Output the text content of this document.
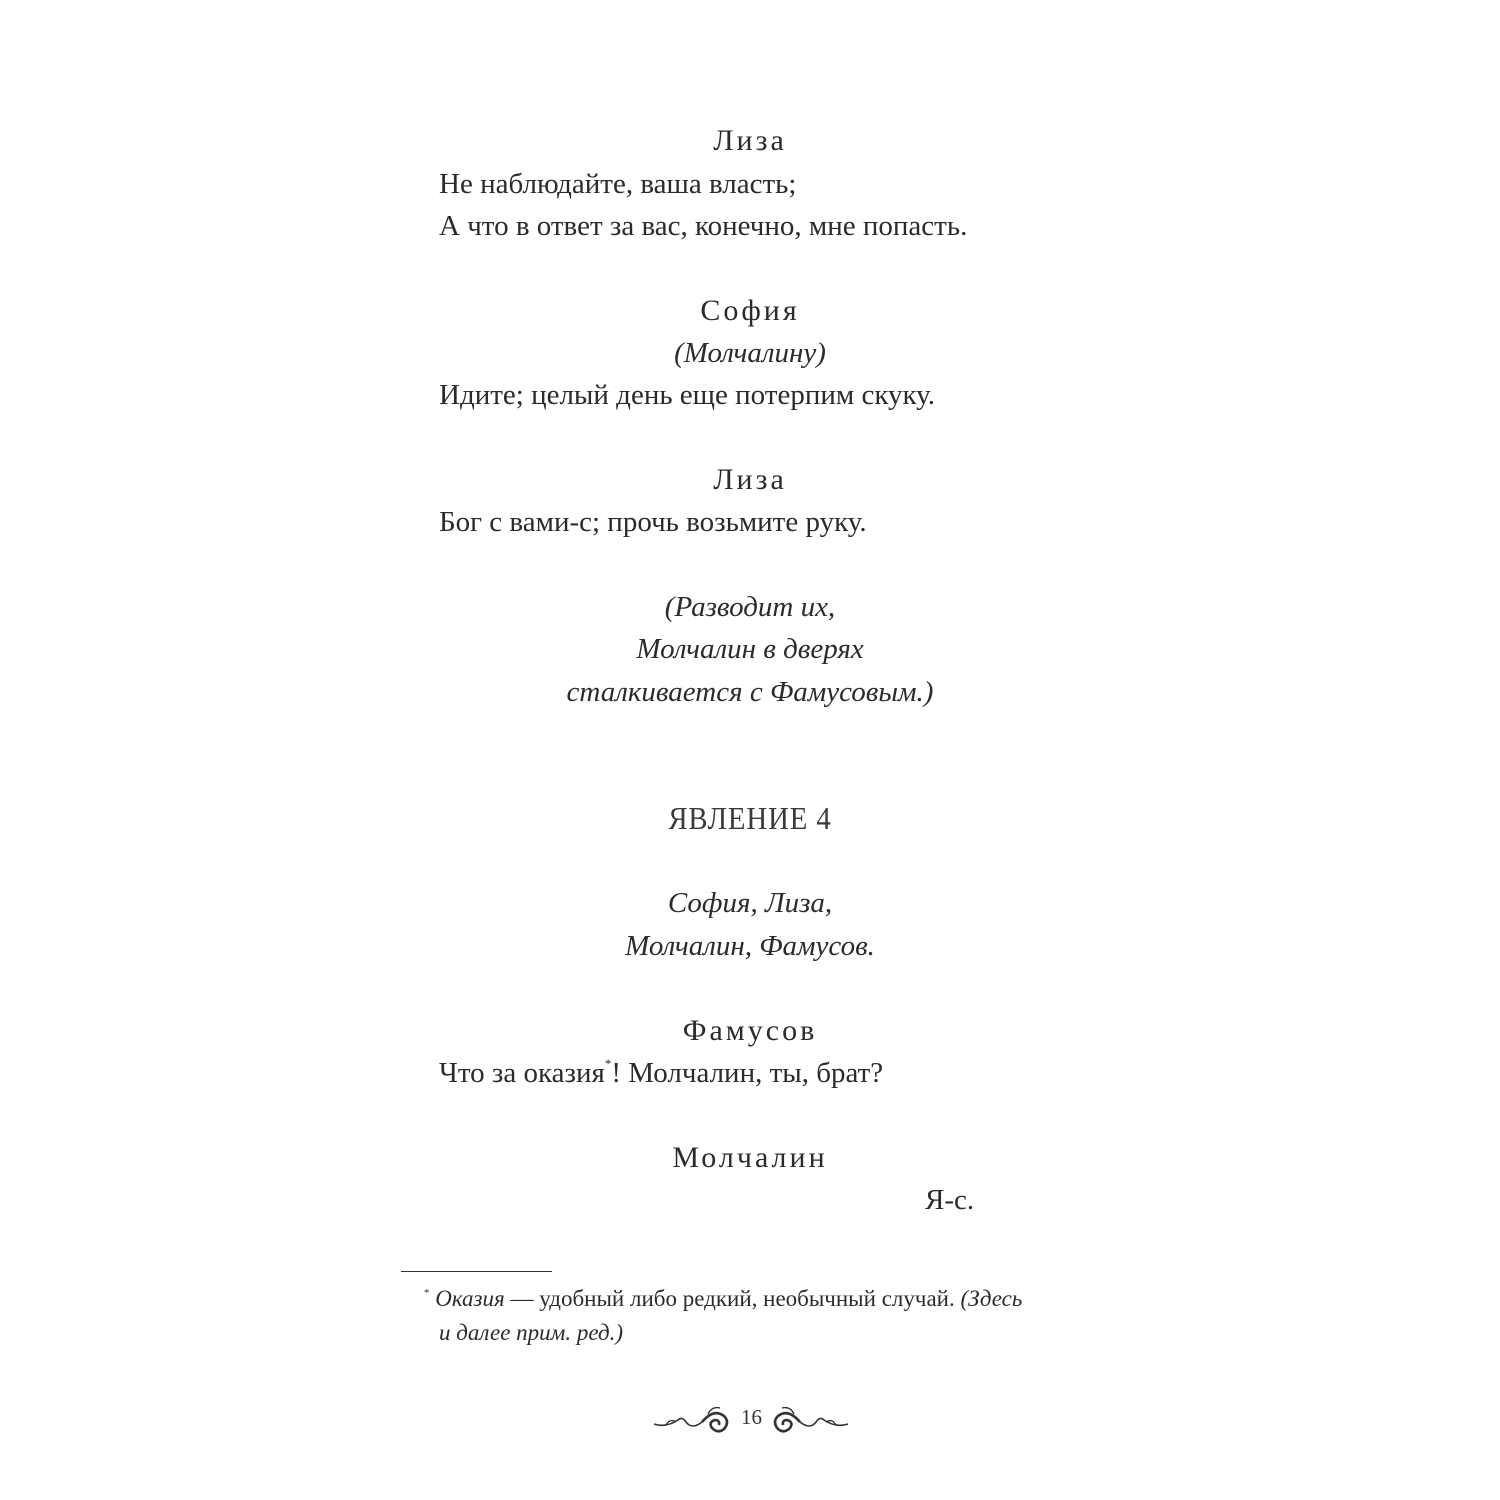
Лиза
Не наблюдайте, ваша власть;
А что в ответ за вас, конечно, мне попасть.
София
(Молчалину)
Идите; целый день еще потерпим скуку.
Лиза
Бог с вами-с; прочь возьмите руку.
(Разводит их,
Молчалин в дверях
сталкивается с Фамусовым.)
ЯВЛЕНИЕ 4
София, Лиза,
Молчалин, Фамусов.
Фамусов
Что за оказия*! Молчалин, ты, брат?
Молчалин
Я-с.
* Оказия — удобный либо редкий, необычный случай. (Здесь
и далее прим. ред.)
16
